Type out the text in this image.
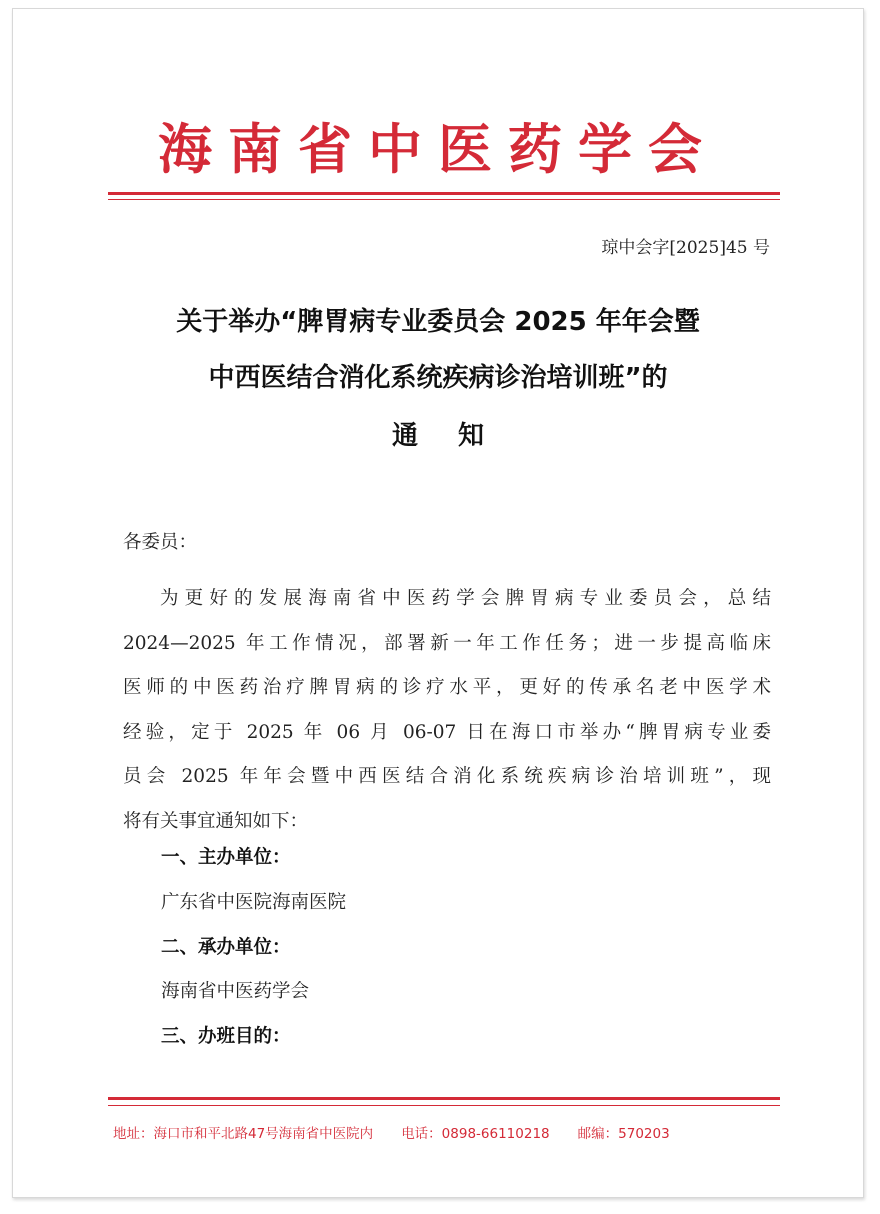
海南省中医药学会
琼中会字[2025]45 号
关于举办“脾胃病专业委员会 2025 年年会暨
中西医结合消化系统疾病诊治培训班”的
通知
各委员：
为更好的发展海南省中医药学会脾胃病专业委员会，总结
2024—2025 年工作情况，部署新一年工作任务；进一步提高临床
医师的中医药治疗脾胃病的诊疗水平，更好的传承名老中医学术
经验，定于 2025 年 06 月 06-07 日在海口市举办“脾胃病专业委
员会 2025 年年会暨中西医结合消化系统疾病诊治培训班”，现
将有关事宜通知如下：
一、主办单位：
广东省中医院海南医院
二、承办单位：
海南省中医药学会
三、办班目的：
地址：海口市和平北路47号海南省中医院内 电话：0898-66110218 邮编：570203
